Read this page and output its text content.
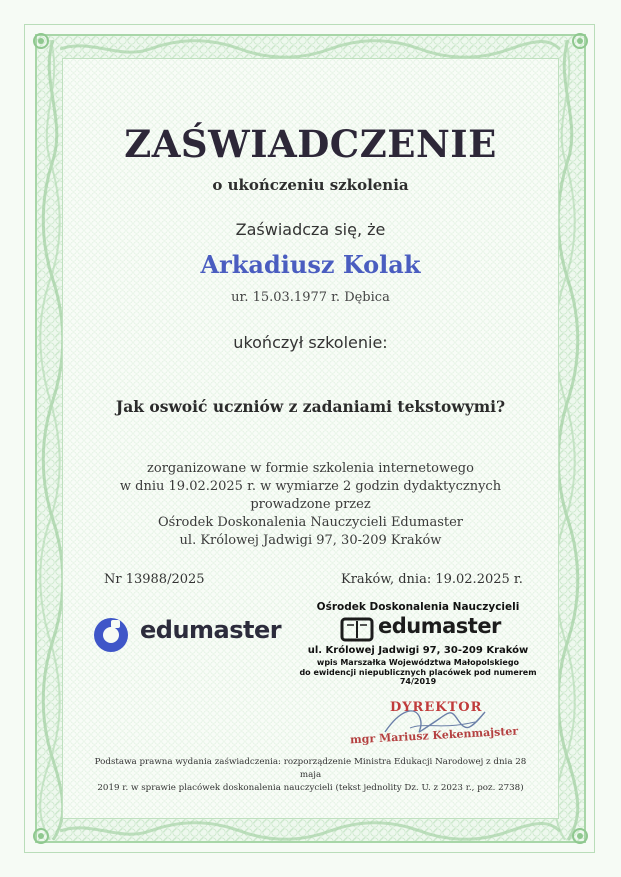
ZAŚWIADCZENIE

o ukończeniu szkolenia

Zaświadcza się, że

Arkadiusz Kolak

ur. 15.03.1977 r. Dębica

ukończył szkolenie:

Jak oswoić uczniów z zadaniami tekstowymi?

zorganizowane w formie szkolenia internetowego
w dniu 19.02.2025 r. w wymiarze 2 godzin dydaktycznych
prowadzone przez
Ośrodek Doskonalenia Nauczycieli Edumaster
ul. Królowej Jadwigi 97, 30-209 Kraków
Nr 13988/2025	Kraków, dnia: 19.02.2025 r.
edumaster
Ośrodek Doskonalenia Nauczycieli
edumaster
ul. Królowej Jadwigi 97, 30-209 Kraków
wpis Marszałka Województwa Małopolskiego
do ewidencji niepublicznych placówek pod numerem 74/2019
DYREKTOR
mgr Mariusz Kekenmajster
Podstawa prawna wydania zaświadczenia: rozporządzenie Ministra Edukacji Narodowej z dnia 28 maja
2019 r. w sprawie placówek doskonalenia nauczycieli (tekst jednolity Dz. U. z 2023 r., poz. 2738)
